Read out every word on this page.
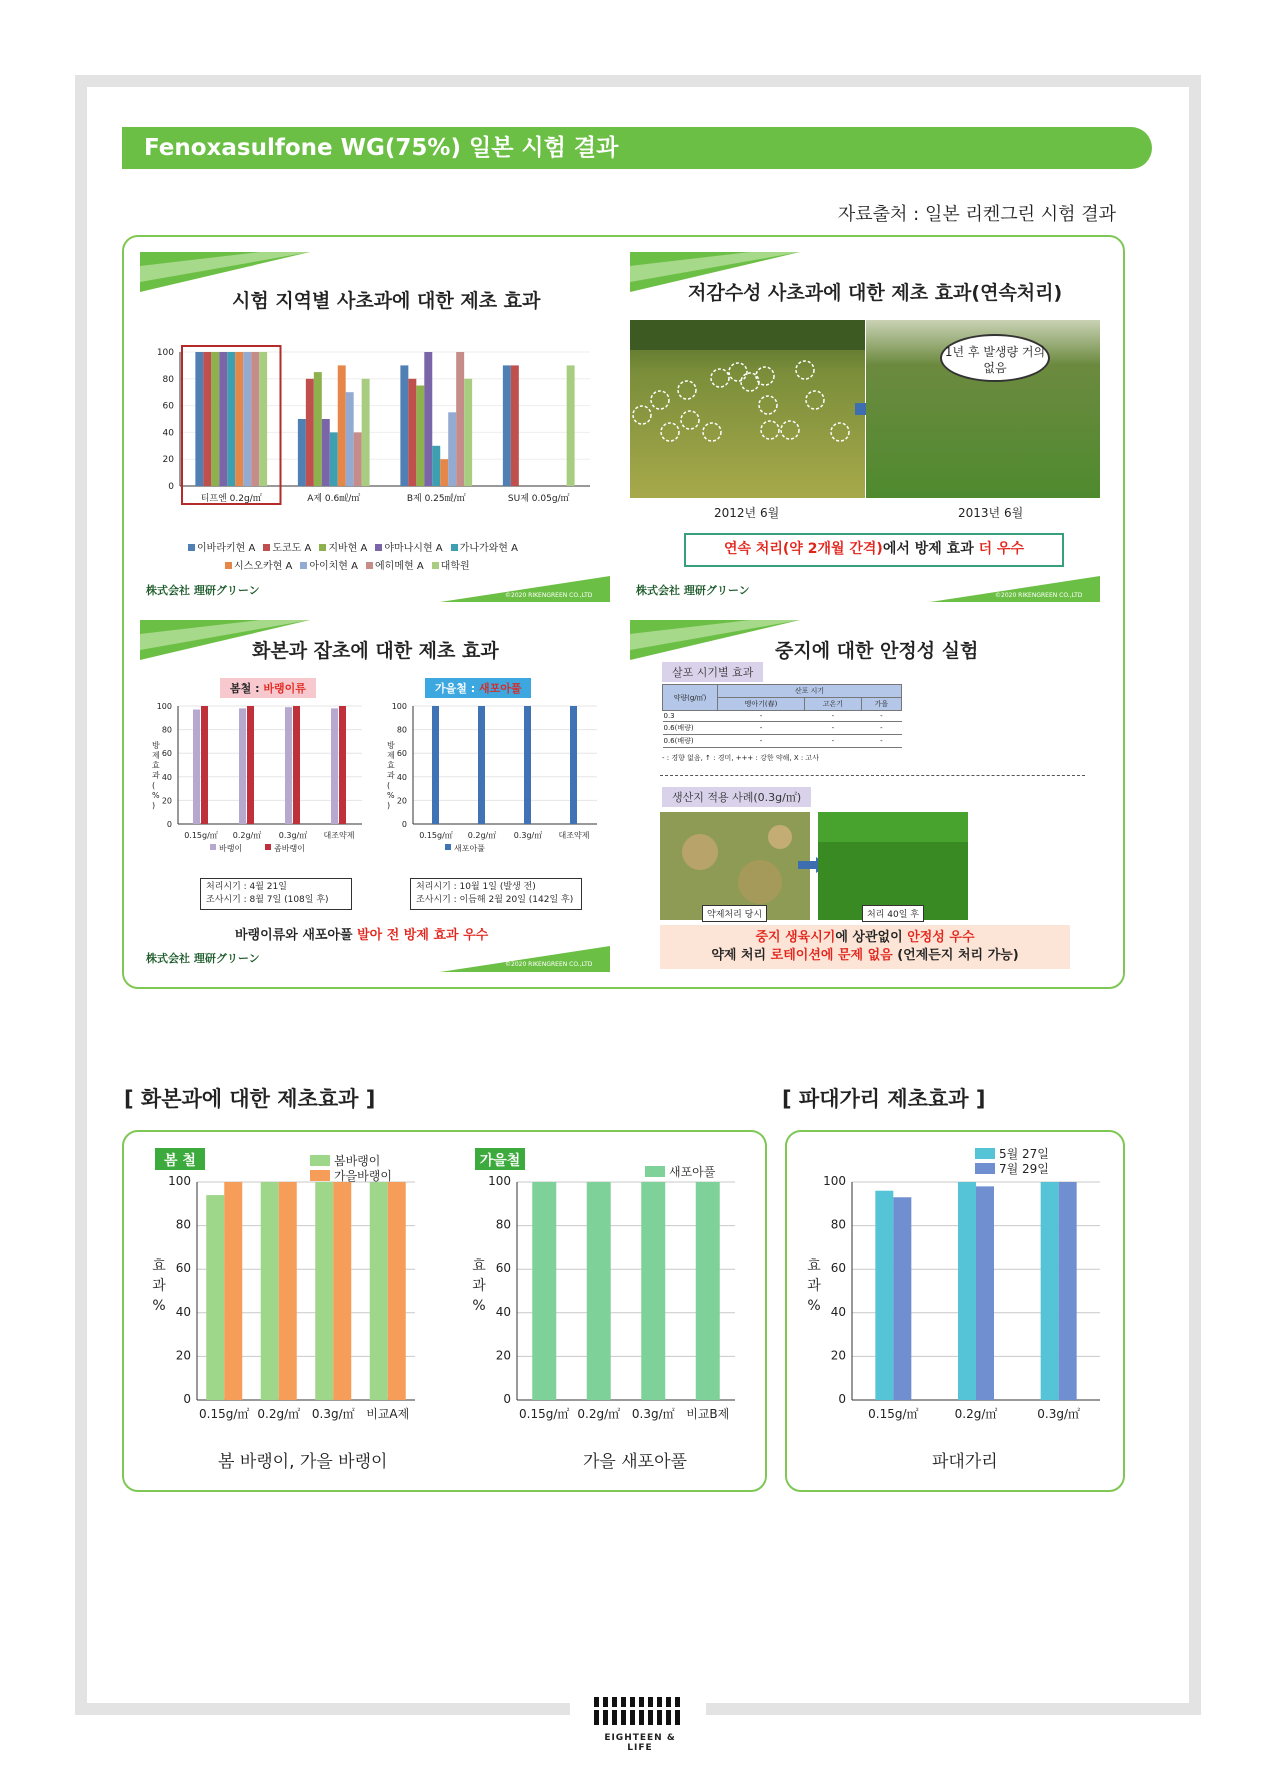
Fenoxasulfone WG(75%) 일본 시험 결과
자료출처 : 일본 리켄그린 시험 결과
시험 지역별 사초과에 대한 제초 효과
0
20
40
60
80
100
티프엔 0.2g/㎡	A제 0.6㎖/㎡	B제 0.25㎖/㎡	SU제 0.05g/㎡
이바라키현 A 도코도 A 지바현 A 야마나시현 A 가나가와현 A
시스오카현 A 아이치현 A 에히메현 A 대학원
株式会社 理研グリーン	©2020 RIKENGREEN CO.,LTD
저감수성 사초과에 대한 제초 효과(연속처리)
1년 후 발생량 거의 없음
2012년 6월	2013년 6월
연속 처리(약 2개월 간격)에서 방제 효과 더 우수
株式会社 理研グリーン	©2020 RIKENGREEN CO.,LTD
화본과 잡초에 대한 제초 효과
봄철 : 바랭이류	가을철 : 새포아풀
0
20
40
60
80
100
0.15g/㎡ 0.2g/㎡ 0.3g/㎡ 대조약제
방 제 효 과 ( % )
바랭이	좀바랭이
0
20
40
60
80
100
0.15g/㎡ 0.2g/㎡ 0.3g/㎡ 대조약제
방 제 효 과 ( % )
새포아풀
처리시기 : 4월 21일
조사시기 : 8월 7일 (108일 후)
처리시기 : 10월 1일 (발생 전)
조사시기 : 이듬해 2월 20일 (142일 후)
바랭이류와 새포아풀 발아 전 방제 효과 우수
株式会社 理研グリーン	©2020 RIKENGREEN CO.,LTD
중지에 대한 안정성 실험
살포 시기별 효과
약량(g/㎡)	산포 시기		
	맹아기(春)	고온기	가을
0.3	-	-	-
0.6(배량)	-	-	-
0.6(배량)	-	-	-
- : 경향 없음, ↑ : 경미, +++ : 강한 약해, X : 고사
생산지 적용 사례(0.3g/㎡)
약제처리 당시	처리 40일 후
중지 생육시기에 상관없이 안정성 우수
약제 처리 로테이션에 문제 없음 (언제든지 처리 가능)
[ 화본과에 대한 제초효과 ]	[ 파대가리 제초효과 ]
0
20
40
60
80
100
0.15g/㎡ 0.2g/㎡ 0.3g/㎡ 비교A제
효
과
%
봄 철	봄바랭이
가을바랭이
0
20
40
60
80
100
0.15g/㎡ 0.2g/㎡ 0.3g/㎡ 비교B제
효
과
%
가을철
새포아풀
봄 바랭이, 가을 바랭이	가을 새포아풀
0
20
40
60
80
100
0.15g/㎡	0.2g/㎡	0.3g/㎡
효
과
%
5월 27일
7월 29일
파대가리
EIGHTEEN & LIFE
